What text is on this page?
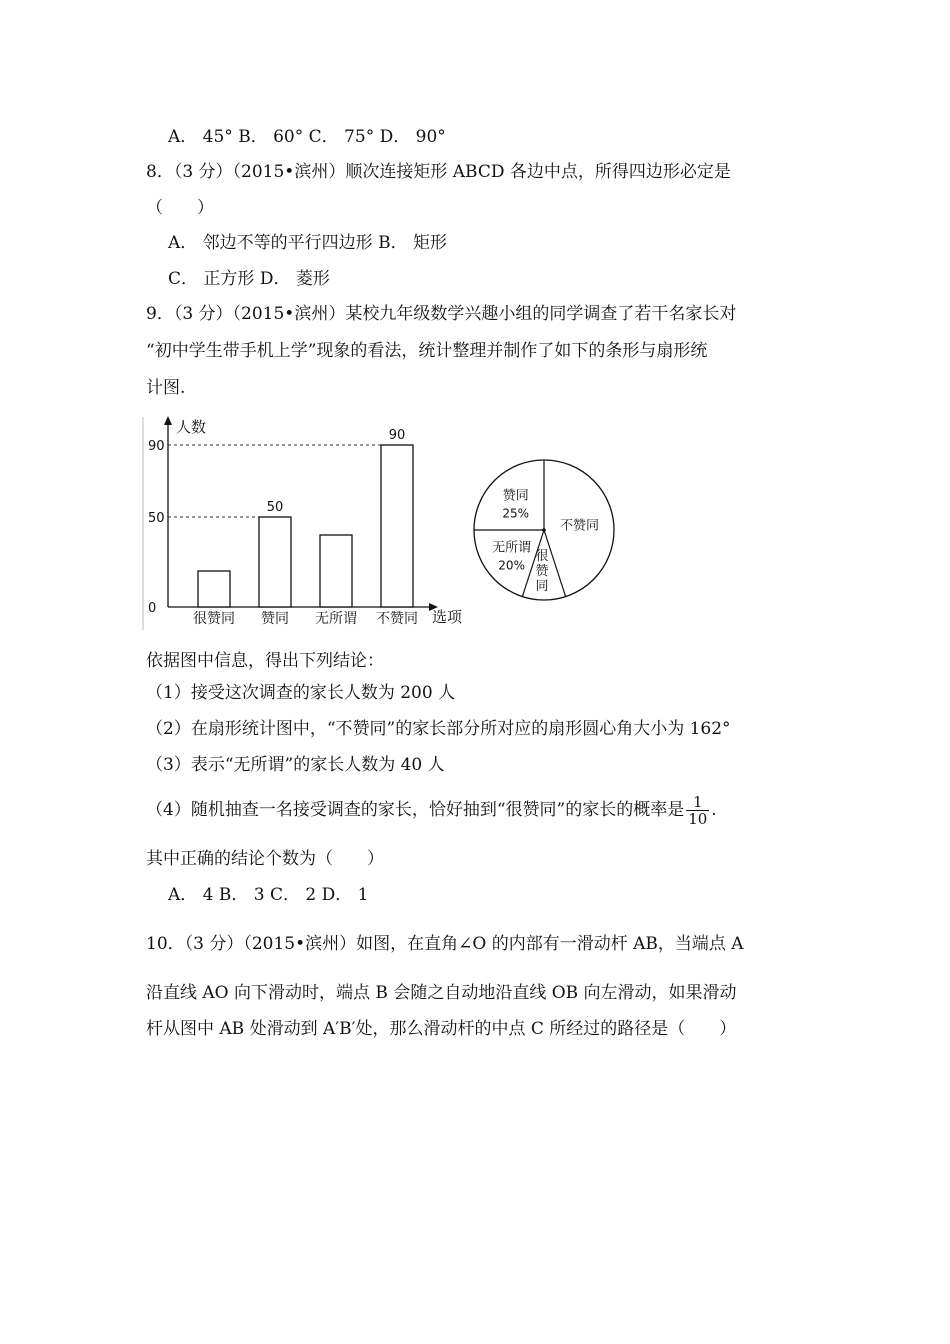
A． 45° B． 60° C． 75° D． 90°
8．（3 分）（2015•滨州）顺次连接矩形 ABCD 各边中点，所得四边形必定是
（　　）
A． 邻边不等的平行四边形 B． 矩形
C． 正方形 D． 菱形
9．（3 分）（2015•滨州）某校九年级数学兴趣小组的同学调查了若干名家长对
“初中学生带手机上学”现象的看法，统计整理并制作了如下的条形与扇形统
计图.
人数
选项
0
50
90
很赞同
50
赞同 无所谓
90
不赞同
赞同
25%
无所谓
20%
很
赞
同
不赞同
依据图中信息，得出下列结论：
（1）接受这次调查的家长人数为 200 人
（2）在扇形统计图中，“不赞同”的家长部分所对应的扇形圆心角大小为 162°
（3）表示“无所谓”的家长人数为 40 人
（4）随机抽查一名接受调查的家长，恰好抽到“很赞同”的家长的概率是 $\frac{1}{10}$ .
其中正确的结论个数为（　　）
A． 4 B． 3 C． 2 D． 1
10．（3 分）（2015•滨州）如图，在直角∠O 的内部有一滑动杆 AB，当端点 A
沿直线 AO 向下滑动时，端点 B 会随之自动地沿直线 OB 向左滑动，如果滑动
杆从图中 AB 处滑动到 A′B′处，那么滑动杆的中点 C 所经过的路径是（　　）
